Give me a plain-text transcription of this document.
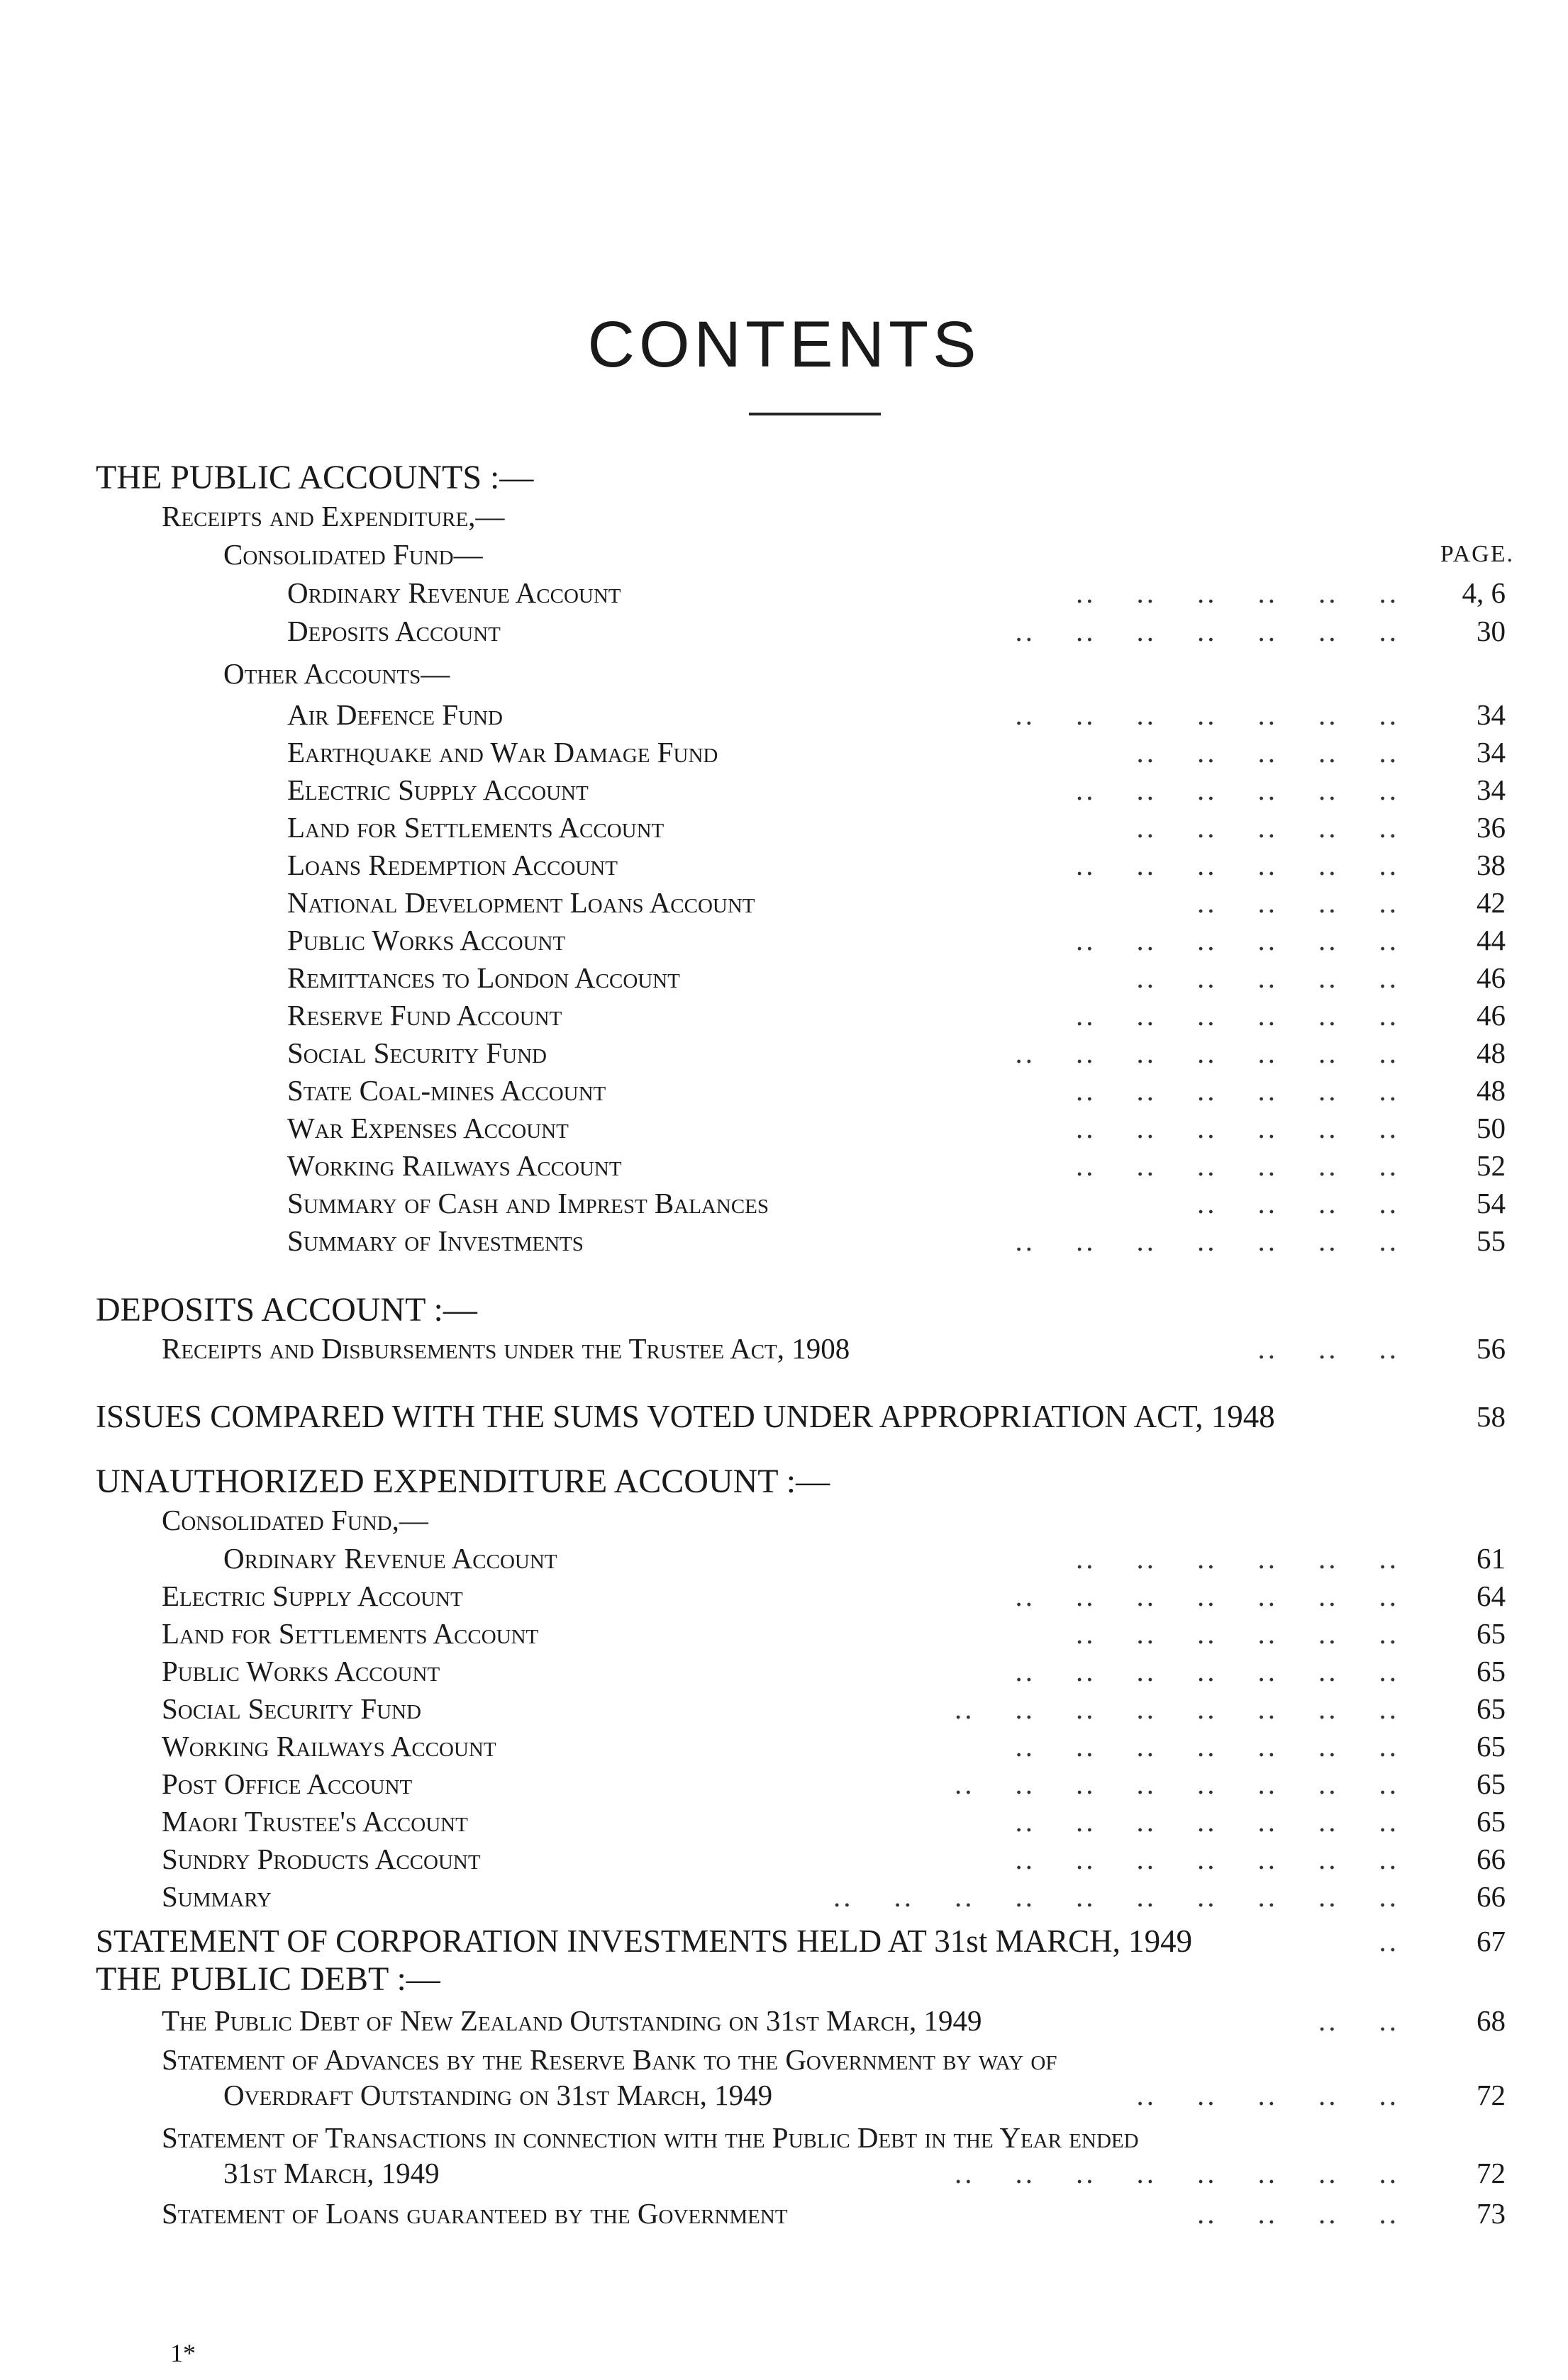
CONTENTS
THE PUBLIC ACCOUNTS :—
Receipts and Expenditure,—
Consolidated Fund—	PAGE.
Ordinary Revenue Account	..    ..    ..    ..    ..    .. 4, 6
Deposits Account	..    ..    ..    ..    ..    ..    ..	30
Other Accounts—
Air Defence Fund	..    ..    ..    ..    ..    ..    ..	34
Earthquake and War Damage Fund	..    ..    ..    ..    ..	34
Electric Supply Account	..    ..    ..    ..    ..    ..	34
Land for Settlements Account	..    ..    ..    ..    ..	36
Loans Redemption Account	..    ..    ..    ..    ..    ..	38
National Development Loans Account	..    ..    ..    ..	42
Public Works Account	..    ..    ..    ..    ..    ..	44
Remittances to London Account	..    ..    ..    ..    ..	46
Reserve Fund Account	..    ..    ..    ..    ..    ..	46
Social Security Fund	..    ..    ..    ..    ..    ..    ..	48
State Coal-mines Account	..    ..    ..    ..    ..    ..	48
War Expenses Account	..    ..    ..    ..    ..    ..	50
Working Railways Account	..    ..    ..    ..    ..    ..	52
Summary of Cash and Imprest Balances	..    ..    ..    ..	54
Summary of Investments	..    ..    ..    ..    ..    ..    ..	55
DEPOSITS ACCOUNT :—
Receipts and Disbursements under the Trustee Act, 1908	..    ..    ..	56
ISSUES COMPARED WITH THE SUMS VOTED UNDER APPROPRIATION ACT, 1948	58
UNAUTHORIZED EXPENDITURE ACCOUNT :—
Consolidated Fund,—
Ordinary Revenue Account	..    ..    ..    ..    ..    ..	61
Electric Supply Account	..    ..    ..    ..    ..    ..    ..	64
Land for Settlements Account	..    ..    ..    ..    ..    ..	65
Public Works Account	..    ..    ..    ..    ..    ..    ..	65
Social Security Fund	..    ..    ..    ..    ..    ..    ..    ..	65
Working Railways Account	..    ..    ..    ..    ..    ..    ..	65
Post Office Account	..    ..    ..    ..    ..    ..    ..    ..	65
Maori Trustee's Account	..    ..    ..    ..    ..    ..    ..	65
Sundry Products Account	..    ..    ..    ..    ..    ..    ..	66
Summary	..    ..    ..    ..    ..    ..    ..    ..    ..    ..	66
STATEMENT OF CORPORATION INVESTMENTS HELD AT 31st MARCH, 1949	..	67
THE PUBLIC DEBT :—
The Public Debt of New Zealand Outstanding on 31st March, 1949	..    ..	68
Statement of Advances by the Reserve Bank to the Government by way of
Overdraft Outstanding on 31st March, 1949	..    ..    ..    ..    ..	72
Statement of Transactions in connection with the Public Debt in the Year ended
31st March, 1949	..    ..    ..    ..    ..    ..    ..    ..	72
Statement of Loans guaranteed by the Government	..    ..    ..    ..	73
1*
